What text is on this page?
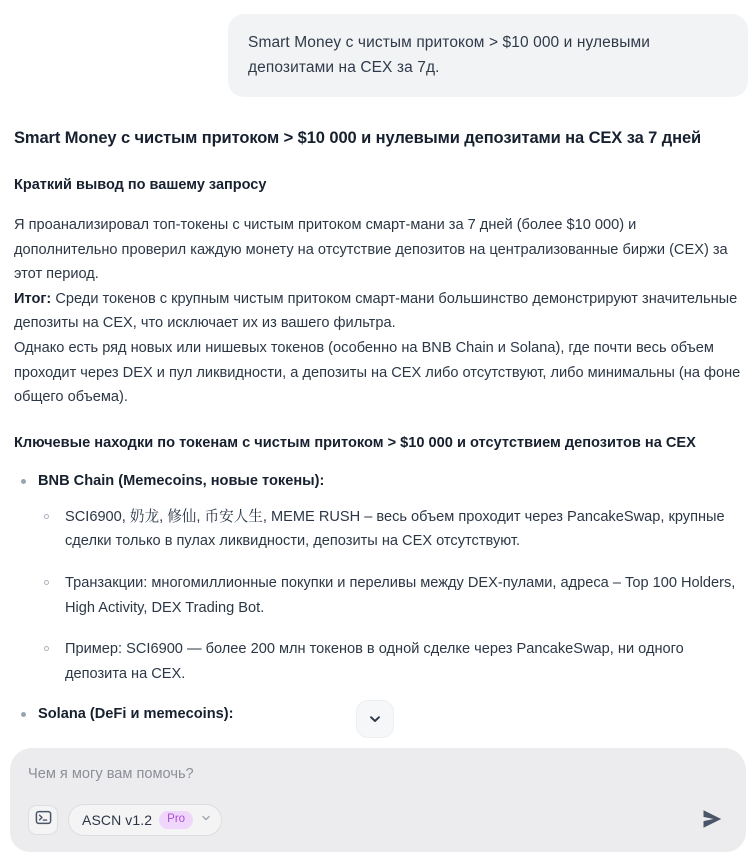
Smart Money с чистым притоком > $10 000 и нулевыми депозитами на CEX за 7д.
Smart Money с чистым притоком > $10 000 и нулевыми депозитами на CEX за 7 дней
Краткий вывод по вашему запросу

Я проанализировал топ-токены с чистым притоком смарт-мани за 7 дней (более $10 000) и дополнительно проверил каждую монету на отсутствие депозитов на централизованные биржи (CEX) за этот период.

Итог: Среди токенов с крупным чистым притоком смарт-мани большинство демонстрируют значительные депозиты на CEX, что исключает их из вашего фильтра.

Однако есть ряд новых или нишевых токенов (особенно на BNB Chain и Solana), где почти весь объем проходит через DEX и пул ликвидности, а депозиты на CEX либо отсутствуют, либо минимальны (на фоне общего объема).

Ключевые находки по токенам с чистым притоком > $10 000 и отсутствием депозитов на CEX
BNB Chain (Memecoins, новые токены):
SCI6900, 奶龙, 修仙, 币安人生, MEME RUSH – весь объем проходит через PancakeSwap, крупные сделки только в пулах ликвидности, депозиты на CEX отсутствуют.
Транзакции: многомиллионные покупки и переливы между DEX-пулами, адреса – Top 100 Holders, High Activity, DEX Trading Bot.
Пример: SCI6900 — более 200 млн токенов в одной сделке через PancakeSwap, ни одного депозита на CEX.
Solana (DeFi и memecoins):
Чем я могу вам помочь?
ASCN v1.2	Pro
